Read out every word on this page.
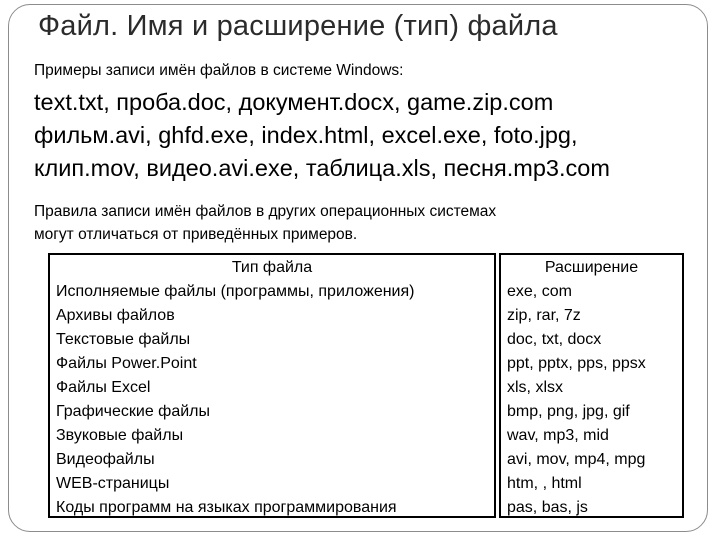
Файл. Имя и расширение (тип) файла
Примеры записи имён файлов в системе Windows:
text.txt, проба.doc, документ.docx, game.zip.com
фильм.avi, ghfd.exe, index.html, excel.exe, foto.jpg,
клип.mov, видео.avi.exe, таблица.xls, песня.mp3.com
Правила записи имён файлов в других операционных системах
могут отличаться от приведённых примеров.
Тип файла
Исполняемые файлы (программы, приложения)
Архивы файлов
Текстовые файлы
Файлы Power.Point
Файлы Excel
Графические файлы
Звуковые файлы
Видеофайлы
WEB-страницы
Коды программ на языках программирования
Расширение
exe, com
zip, rar, 7z
doc, txt, docx
ppt, pptx, pps, ppsx
xls, xlsx
bmp, png, jpg, gif
wav, mp3, mid
avi, mov, mp4, mpg
htm, , html
pas, bas, js
